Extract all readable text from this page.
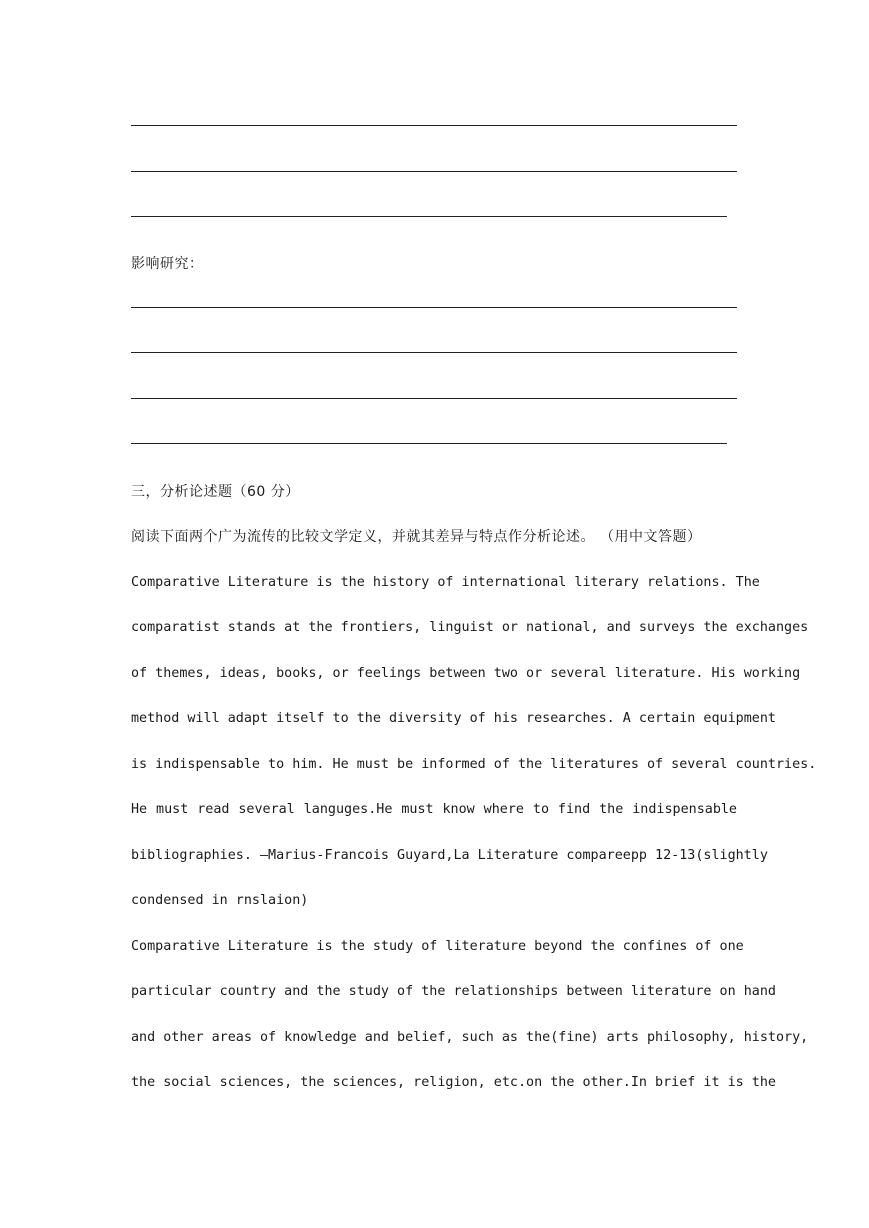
影响研究：
三，分析论述题（60 分）
阅读下面两个广为流传的比较文学定义，并就其差异与特点作分析论述。 （用中文答题）
Comparative Literature is the history of international literary relations. The
comparatist stands at the frontiers, linguist or national, and surveys the exchanges
of themes, ideas, books, or feelings between two or several literature. His working
method will adapt itself to the diversity of his researches. A certain equipment
is indispensable to him. He must be informed of the literatures of several countries.
He must read several languges.He must know where to find the indispensable
bibliographies. —Marius-Francois Guyard,La Literature compareepp 12-13(slightly
condensed in rnslaion)
Comparative Literature is the study of literature beyond the confines of one
particular country and the study of the relationships between literature on hand
and other areas of knowledge and belief, such as the(fine) arts philosophy, history,
the social sciences, the sciences, religion, etc.on the other.In brief it is the
